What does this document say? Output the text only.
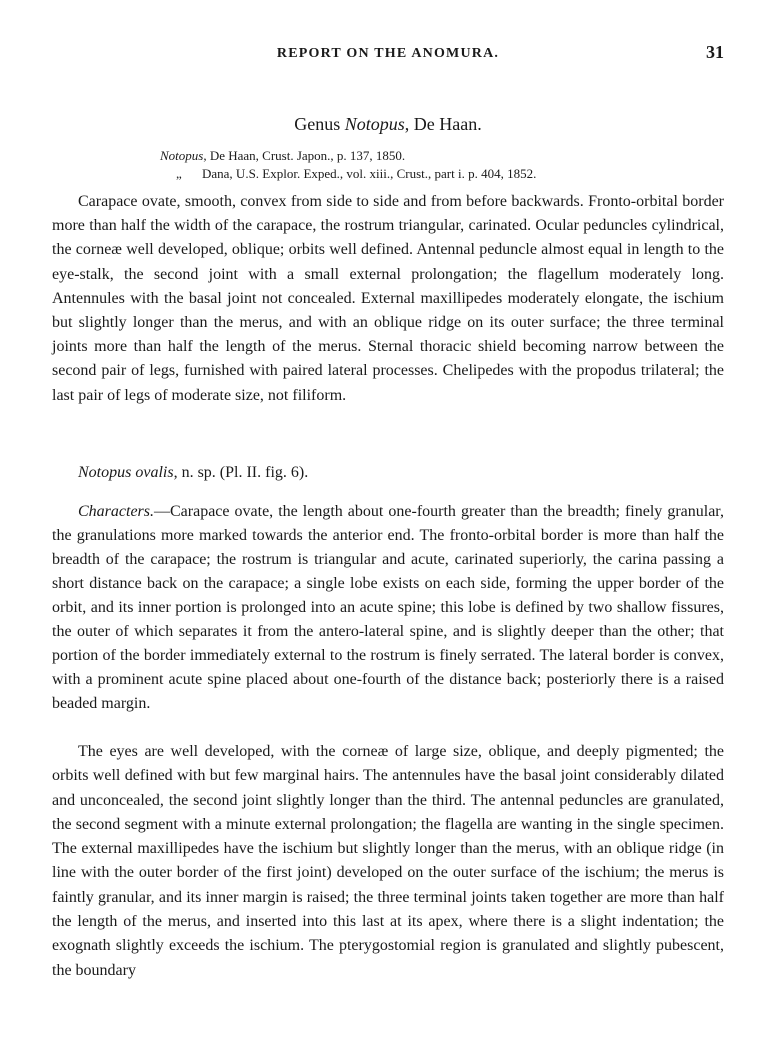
REPORT ON THE ANOMURA.	31
Genus Notopus, De Haan.
Notopus, De Haan, Crust. Japon., p. 137, 1850.
„ Dana, U.S. Explor. Exped., vol. xiii., Crust., part i. p. 404, 1852.

Carapace ovate, smooth, convex from side to side and from before backwards. Fronto-orbital border more than half the width of the carapace, the rostrum triangular, carinated. Ocular peduncles cylindrical, the corneæ well developed, oblique; orbits well defined. Antennal peduncle almost equal in length to the eye-stalk, the second joint with a small external prolongation; the flagellum moderately long. Antennules with the basal joint not concealed. External maxillipedes moderately elongate, the ischium but slightly longer than the merus, and with an oblique ridge on its outer surface; the three terminal joints more than half the length of the merus. Sternal thoracic shield becoming narrow between the second pair of legs, furnished with paired lateral processes. Chelipedes with the propodus trilateral; the last pair of legs of moderate size, not filiform.

Notopus ovalis, n. sp. (Pl. II. fig. 6).

Characters.—Carapace ovate, the length about one-fourth greater than the breadth; finely granular, the granulations more marked towards the anterior end. The fronto-orbital border is more than half the breadth of the carapace; the rostrum is triangular and acute, carinated superiorly, the carina passing a short distance back on the carapace; a single lobe exists on each side, forming the upper border of the orbit, and its inner portion is prolonged into an acute spine; this lobe is defined by two shallow fissures, the outer of which separates it from the antero-lateral spine, and is slightly deeper than the other; that portion of the border immediately external to the rostrum is finely serrated. The lateral border is convex, with a prominent acute spine placed about one-fourth of the distance back; posteriorly there is a raised beaded margin.

The eyes are well developed, with the corneæ of large size, oblique, and deeply pigmented; the orbits well defined with but few marginal hairs. The antennules have the basal joint considerably dilated and unconcealed, the second joint slightly longer than the third. The antennal peduncles are granulated, the second segment with a minute external prolongation; the flagella are wanting in the single specimen. The external maxillipedes have the ischium but slightly longer than the merus, with an oblique ridge (in line with the outer border of the first joint) developed on the outer surface of the ischium; the merus is faintly granular, and its inner margin is raised; the three terminal joints taken together are more than half the length of the merus, and inserted into this last at its apex, where there is a slight indentation; the exognath slightly exceeds the ischium. The pterygostomial region is granulated and slightly pubescent, the boundary
